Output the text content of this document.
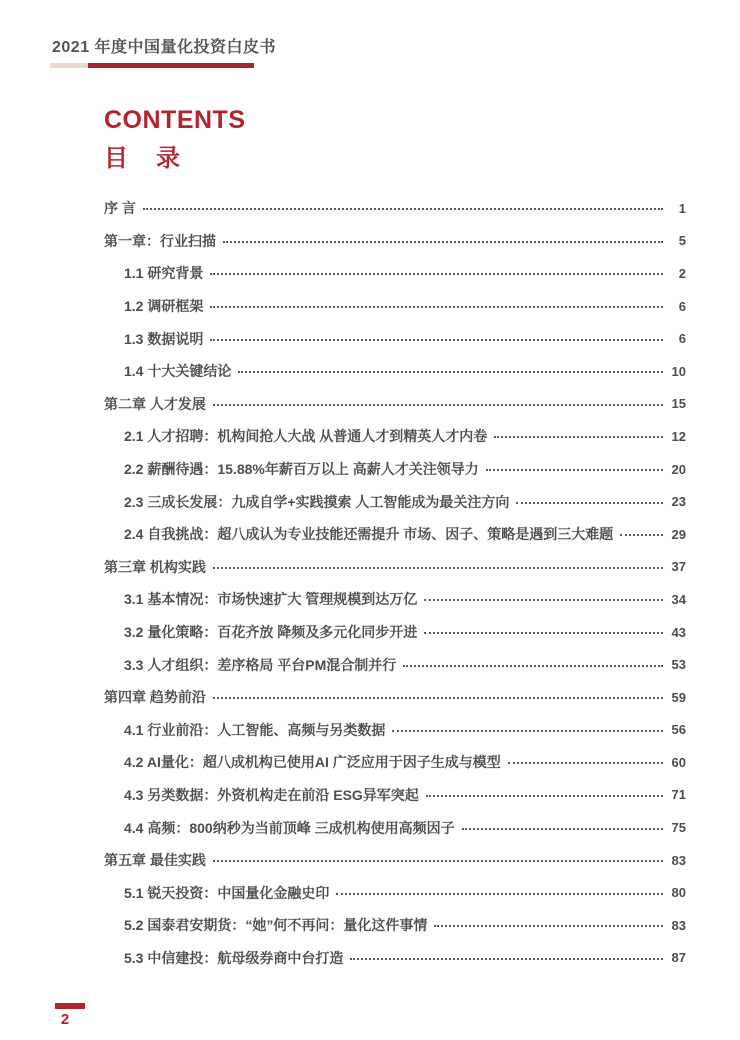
2021 年度中国量化投资白皮书
CONTENTS
目　录
序 言	1
第一章：行业扫描	5
1.1 研究背景	2
1.2 调研框架	6
1.3 数据说明	6
1.4 十大关键结论	10
第二章 人才发展	15
2.1 人才招聘：机构间抢人大战 从普通人才到精英人才内卷	12
2.2 薪酬待遇：15.88%年薪百万以上 高薪人才关注领导力	20
2.3 三成长发展：九成自学+实践摸索 人工智能成为最关注方向	23
2.4 自我挑战：超八成认为专业技能还需提升 市场、因子、策略是遇到三大难题	29
第三章 机构实践	37
3.1 基本情况：市场快速扩大 管理规模到达万亿	34
3.2 量化策略：百花齐放 降频及多元化同步开进	43
3.3 人才组织：差序格局 平台PM混合制并行	53
第四章 趋势前沿	59
4.1 行业前沿：人工智能、高频与另类数据	56
4.2 AI量化：超八成机构已使用AI 广泛应用于因子生成与模型	60
4.3 另类数据：外资机构走在前沿 ESG异军突起	71
4.4 高频：800纳秒为当前顶峰 三成机构使用高频因子	75
第五章 最佳实践	83
5.1 锐天投资：中国量化金融史印	80
5.2 国泰君安期货：“她”何不再问：量化这件事情	83
5.3 中信建投：航母级券商中台打造	87
2
